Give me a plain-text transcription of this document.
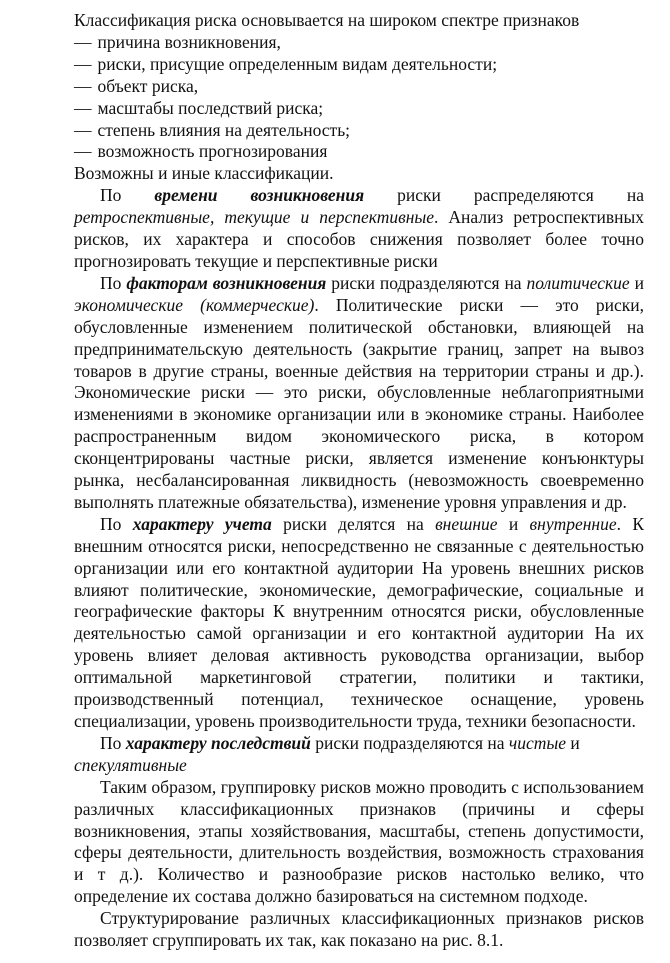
Классификация риска основывается на широком спектре признаков

— причина возникновения,

— риски, присущие определенным видам деятельности;

— объект риска,

— масштабы последствий риска;

— степень влияния на деятельность;

— возможность прогнозирования

Возможны и иные классификации.

По времени возникновения риски распределяются на ретроспективные, текущие и перспективные. Анализ ретроспективных рисков, их характера и способов снижения позволяет более точно прогнозировать текущие и перспективные риски

По факторам возникновения риски подразделяются на политические и экономические (коммерческие). Политические риски — это риски, обусловленные изменением политической обстановки, влияющей на предпринимательскую деятельность (закрытие границ, запрет на вывоз товаров в другие страны, военные действия на территории страны и др.). Экономические риски — это риски, обусловленные неблагоприятными изменениями в экономике организации или в экономике страны. Наиболее распространенным видом экономического риска, в котором сконцентрированы частные риски, является изменение конъюнктуры рынка, несбалансированная ликвидность (невозможность своевременно выполнять платежные обязательства), изменение уровня управления и др.

По характеру учета риски делятся на внешние и внутренние. К внешним относятся риски, непосредственно не связанные с деятельностью организации или его контактной аудитории На уровень внешних рисков влияют политические, экономические, демографические, социальные и географические факторы К внутренним относятся риски, обусловленные деятельностью самой организации и его контактной аудитории На их уровень влияет деловая активность руководства организации, выбор оптимальной маркетинговой стратегии, политики и тактики, производственный потенциал, техническое оснащение, уровень специализации, уровень производительности труда, техники безопасности.

По характеру последствий риски подразделяются на чистые и спекулятивные

Таким образом, группировку рисков можно проводить с использованием различных классификационных признаков (причины и сферы возникновения, этапы хозяйствования, масштабы, степень допустимости, сферы деятельности, длительность воздействия, возможность страхования и т д.). Количество и разнообразие рисков настолько велико, что определение их состава должно базироваться на системном подходе.

Структурирование различных классификационных признаков рисков позволяет сгруппировать их так, как показано на рис. 8.1.
